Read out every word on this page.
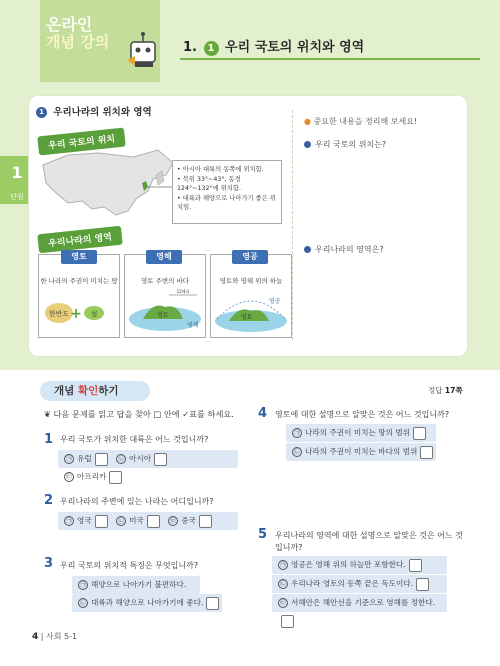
온라인
개념 강의	1. 1 우리 국토의 위치와 영역
1
단원
1 우리나라의 위치와 영역
우리 국토의 위치
• 아시아 대륙의 동쪽에 위치함.
• 북위 33°~43°, 동경 124°~132°에 위치함.
• 대륙과 해양으로 나아가기 좋은 위치임.
우리나라의 영역
한반도 + 섬	영토
영해
12해리
영토
영공
영토	영해	영공
한 나라의 주권이 미치는 땅	영토 주변의 바다	영토와 영해 위의 하늘
● 중요한 내용을 정리해 보세요!
우리 국토의 위치는?
우리나라의 영역은?
개념 확인하기	정답 17쪽
❦ 다음 문제를 읽고 답을 찾아 □ 안에 ✓표를 하세요.
1 우리 국토가 위치한 대륙은 어느 것입니까?
㉠ 유럽	㉡ 아시아 ㉢ 아프리카
2 우리나라의 주변에 있는 나라는 어디입니까?
㉠ 영국	㉡ 미국	㉢ 중국
3 우리 국토의 위치적 특징은 무엇입니까?
㉠ 해양으로 나아가기 불편하다.
㉡ 대륙과 해양으로 나아가기에 좋다.
4 영토에 대한 설명으로 알맞은 것은 어느 것입니까?
㉠ 나라의 주권이 미치는 땅의 범위
㉡ 나라의 주권이 미치는 바다의 범위
5 우리나라의 영역에 대한 설명으로 알맞은 것은 어느 것입니까?
㉠ 영공은 영해 위의 하늘만 포함한다.
㉡ 우리나라 영토의 동쪽 끝은 독도이다.
㉢ 서해안은 해안선을 기준으로 영해를 정한다.
4 | 사회 5-1
